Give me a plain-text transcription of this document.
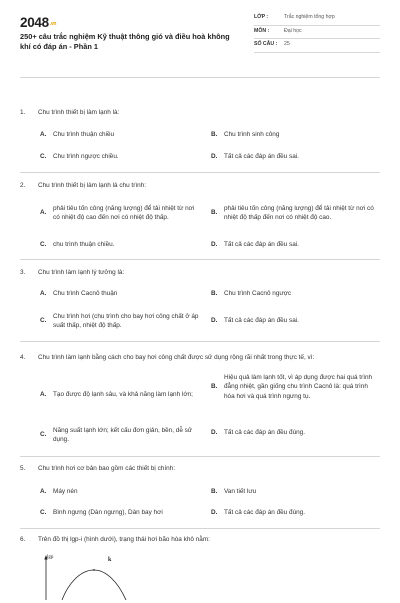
2048.vn
250+ câu trắc nghiệm Kỹ thuật thông gió và điều hoà không khí có đáp án - Phần 1
LỚP :	Trắc nghiệm tổng hợp
MÔN :	Đại học
SỐ CÂU :	25
1.	Chu trình thiết bị làm lạnh là:
A.	Chu trình thuận chiều	B.	Chu trình sinh công
C.	Chu trình ngược chiều.	D.	Tất cả các đáp án đều sai.
2.	Chu trình thiết bị làm lạnh là chu trình:
A.
phải tiêu tốn công (năng lượng) để tải nhiệt từ nơi có nhiệt độ cao đến nơi có nhiệt độ thấp.
B.
phải tiêu tốn công (năng lượng) để tải nhiệt từ nơi có nhiệt độ thấp đến nơi có nhiệt độ cao.
C.	chu trình thuận chiều.	D.	Tất cả các đáp án đều sai.
3.	Chu trình làm lạnh lý tưởng là:
A.	Chu trình Cacnô thuận	B.	Chu trình Cacnô ngược
C.
Chu trình hơi (chu trình cho bay hơi công chất ở áp suất thấp, nhiệt độ thấp.
D.	Tất cả các đáp án đều sai.
4.	Chu trình làm lạnh bằng cách cho bay hơi công chất được sử dụng rộng rãi nhất trong thực tế, vì:
A.	Tạo được độ lạnh sâu, và khả năng làm lạnh lớn;
B.
Hiệu quả làm lạnh tốt, vì áp dụng được hai quá trình đẳng nhiệt, gần giống chu trình Cacnô là: quá trình hóa hơi và quá trình ngưng tụ.
C.
Năng suất lạnh lớn; kết cấu đơn giản, bền, dễ sử dụng.
D.	Tất cả các đáp án đều đúng.
5.	Chu trình hơi cơ bản bao gồm các thiết bị chính:
A.	Máy nén	B.	Van tiết lưu
C.	Bình ngưng (Dàn ngưng), Dàn bay hơi	D.	Tất cả các đáp án đều đúng.
6.	Trên đồ thị lgp-i (hình dưới), trạng thái hơi bão hòa khô nằm:
lgp	k
